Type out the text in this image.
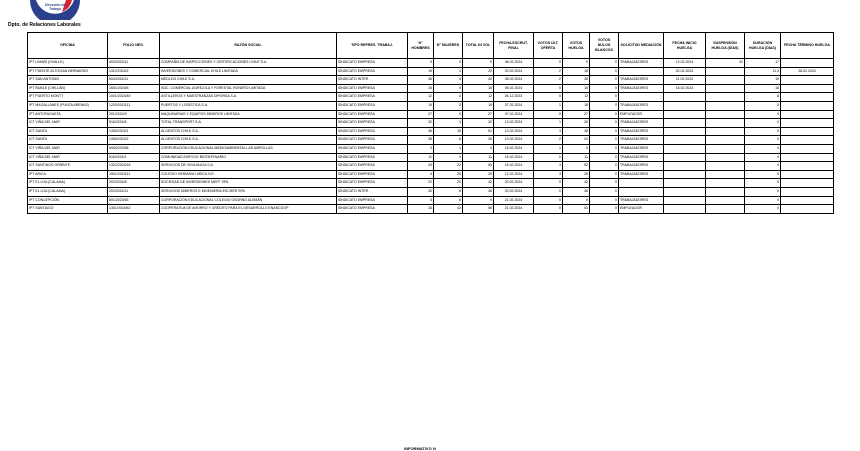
Dirección del
Trabajo
Dpto. de Relaciones Laborales
OFICINA	FOLIO NEG.	RAZÓN SOCIAL	TIPO REPRES. TRABAJ.	N° HOMBRES	N° MUJERES	TOTAL IN VOL	FECHA ESCRUT. FINAL	VOTOS ÚLT. OFERTA	VOTOS HUELGA	VOTOS NULOS BLANCOS	SOLICITUD MEDIACIÓN	FECHA INICIO HUELGA	SUSPENSIÓN HUELGA (DÍAS)	DURACIÓN HUELGA (DÍAS)	FECHA TÉRMINO HUELGA
IPT LIMARÍ (OVALLE)	403/2023/11	COMPAÑÍA DE INSPECCIONES Y CERTIFICACIONES CHILE S.A.	SINDICATO EMPRESA	9	0	9	08.02.2024	0	9	0	TRABAJADORES	12.02.2024	31	17	
IPT PUENTE ALTO/SAN BERNARDO	1312/2024/2	INVERSIONES Y COMERCIAL CHILE LIMITADA	SINDICATO EMPRESA	19	1	20	20.02.2024	2	18	0		02.02.2024		11.3	28.02.2024
IPT SAN ANTONIO	504/2024/11	MEDLOG CHILE S.A.	SINDICATO INTER.	36	4	40	08.02.2024	2	38	0	TRABAJADORES	11.02.2024		15	
IPT ÑUBLE (CHILLÁN)	1601/2024/6	SOC. COMERCIAL AGRÍCOLA Y FORESTAL RONERO LIMITADA	SINDICATO EMPRESA	15	0	15	06.02.2024	0	15	0	TRABAJADORES	16.02.2024		18	
IPT PUERTO MONTT	1001/2023/45	ASTILLEROS Y MAESTRANZAS DIPORSA S.A.	SINDICATO EMPRESA	12	0	12	26.12.2023	0	12	0				8	
IPT MAGALLANES (PUNTA ARENAS)	1203/2023/11	PUERTOS Y LOGÍSTICA S.A.	SINDICATO EMPRESA	19	0	19	07.02.2024	1	18	0	TRABAJADORES			0	
IPT ANTOFAGASTA	201/2024/9	MAQUINARIAS Y EQUIPOS MINEROS LIMITADA	SINDICATO EMPRESA	27	0	27	07.02.2024	0	27	0	EMPLEADOR			0	
ICT VIÑA DEL MAR	516/2024/6	TOTAL TRANSPORT S.A.	SINDICATO EMPRESA	32	0	32	13.02.2024	1	26	0	TRABAJADORES			0	
ICT SANTA	1306/2024/1	ALGENTOS CHILE S.A.	SINDICATO EMPRESA	36	15	51	13.02.2024	3	48	0	TRABAJADORES			0	
ICT SANTA	1306/2024/2	ALGENTOS CHILE S.A.	SINDICATO EMPRESA	38	6	26	13.02.2024	2	20	0	TRABAJADORES			0	
ICT VIÑA DEL MAR	506/2023/56	CORPORACIÓN EDUCACIONAL MEDIOAMBIENTAL LAS AMPOLLAS	SINDICATO EMPRESA	3	1	4	15.02.2024	1	3	0	TRABAJADORES			0	
ICT VIÑA DEL MAR	516/2024/1	COMUNIDAD EDIFICIO BICENTENARIO	SINDICATO EMPRESA	11	0	11	15.02.2024	0	11	0	TRABAJADORES			0	
ICT SANTIAGO ORIENTE	1322/2024/16	SERVICIOS DE VIGILANCIA S.A.	SINDICATO EMPRESA	33	22	55	15.02.2024	3	52	0	TRABAJADORES			0	
IPT ARICA	1501/2023/11	COLEGIO HERMANO ARICA S.E.	SINDICATO EMPRESA	4	25	29	12.02.2024	3	26	0	TRABAJADORES			0	
IPT EL LOA (CALAMA)	202/2024/8	SOCIEDAD DE INVERSIONES MEFF SPA	SINDICATO EMPRESA	22	20	42	20.02.2024	0	42	0				0	
IPT EL LOA (CALAMA)	202/2024/11	SERVICIOS MINEROS E INGENIERÍA ESCHER SPA	SINDICATO INTER.	30	6	36	20.02.2024	0	36	0				0	
IPT CONCEPCIÓN	801/2023/63	CORPORACIÓN EDUCACIONAL COLEGIO OSORNO ALEMÁN	SINDICATO EMPRESA	3	6	9	21.02.2024	0	9	0	TRABAJADORES			0	
IPT SANTIAGO	1301/2024/62	COOPERATIVA DE AHORRO Y CRÉDITO PARA EL DESARROLLO ENANCOOP	SINDICATO EMPRESA	16	42	58	21.02.2024	0	53	0	EMPLEADOR			0	
INFORMATIVO N
